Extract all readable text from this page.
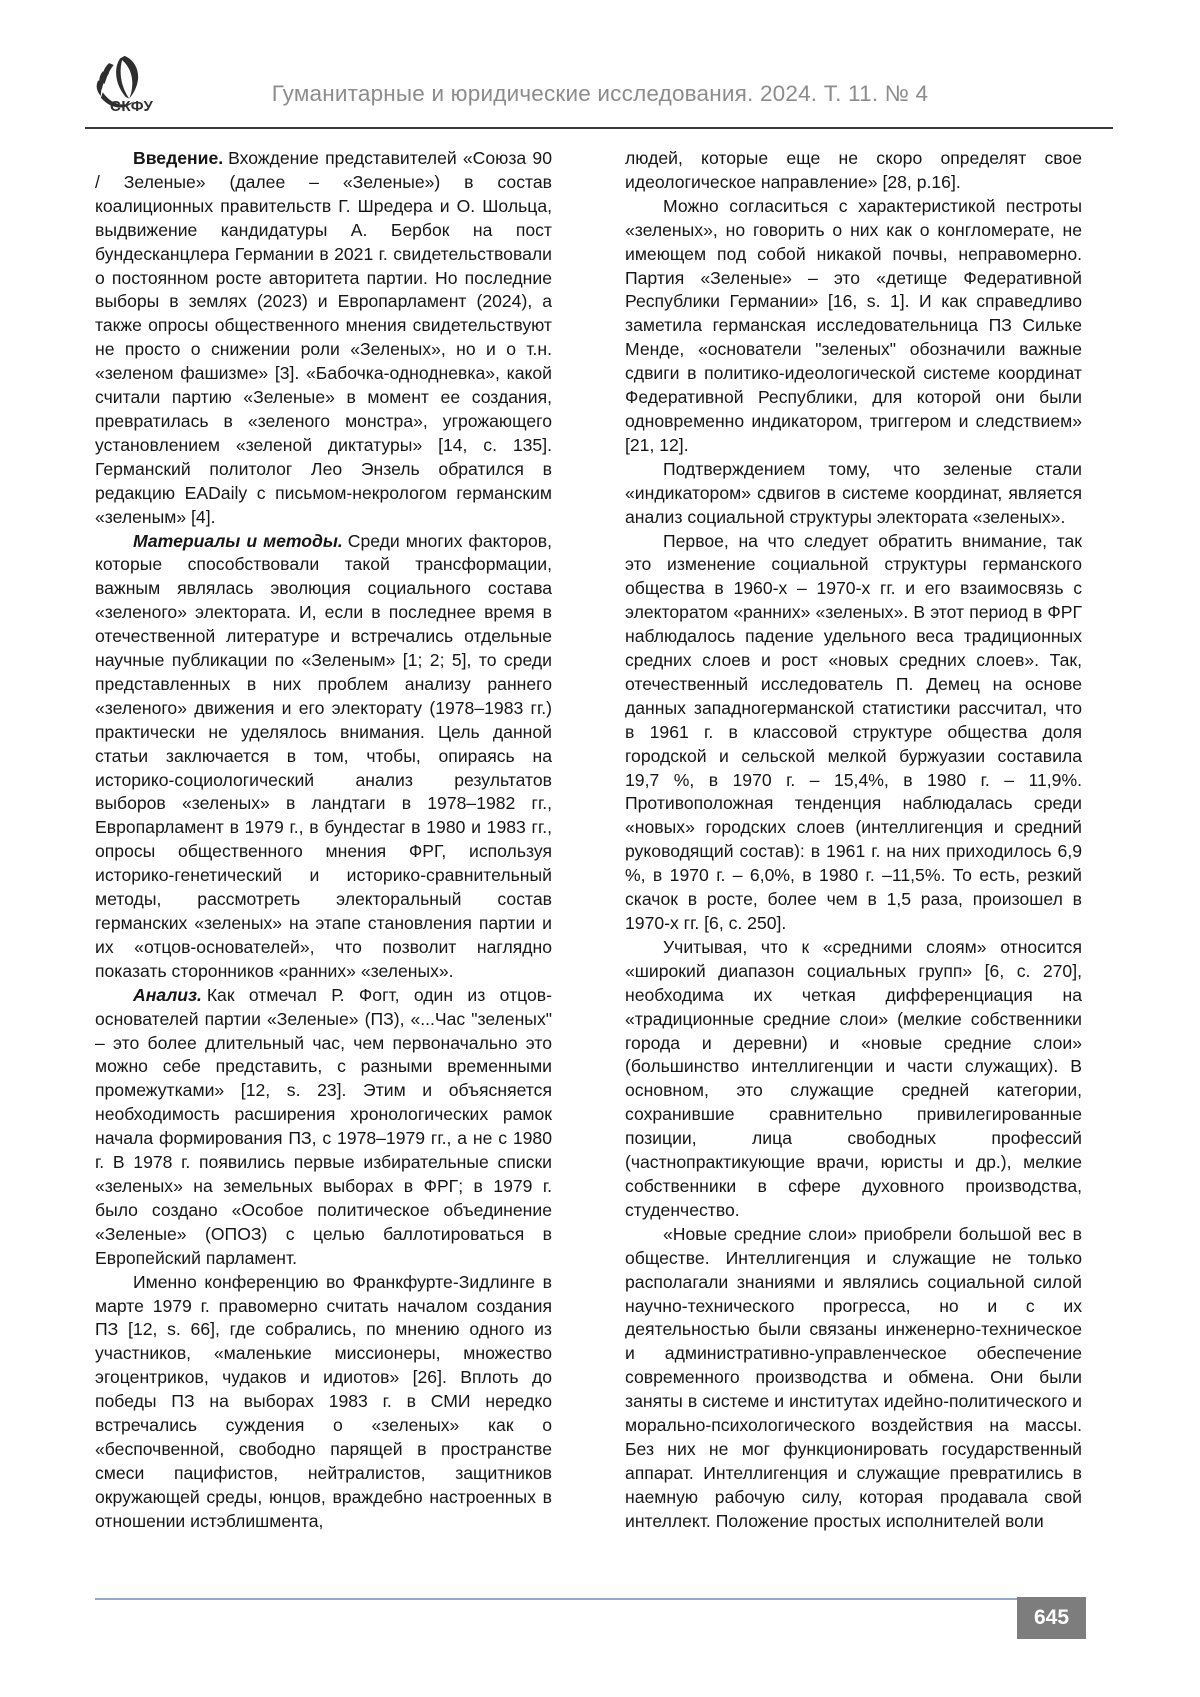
СКФУ
Гуманитарные и юридические исследования. 2024. Т. 11. № 4

Введение. Вхождение представителей «Союза 90 / Зеленые» (далее – «Зеленые») в состав коалиционных правительств Г. Шредера и О. Шольца, выдвижение кандидатуры А. Бербок на пост бундесканцлера Германии в 2021 г. свидетельствовали о постоянном росте авторитета партии. Но последние выборы в землях (2023) и Европарламент (2024), а также опросы общественного мнения свидетельствуют не просто о снижении роли «Зеленых», но и о т.н. «зеленом фашизме» [3]. «Бабочка-однодневка», какой считали партию «Зеленые» в момент ее создания, превратилась в «зеленого монстра», угрожающего установлением «зеленой диктатуры» [14, с. 135]. Германский политолог Лео Энзель обратился в редакцию EADaily с письмом-некрологом германским «зеленым» [4].

Материалы и методы. Среди многих факторов, которые способствовали такой трансформации, важным являлась эволюция социального состава «зеленого» электората. И, если в последнее время в отечественной литературе и встречались отдельные научные публикации по «Зеленым» [1; 2; 5], то среди представленных в них проблем анализу раннего «зеленого» движения и его электорату (1978–1983 гг.) практически не уделялось внимания. Цель данной статьи заключается в том, чтобы, опираясь на историко-социологический анализ результатов выборов «зеленых» в ландтаги в 1978–1982 гг., Европарламент в 1979 г., в бундестаг в 1980 и 1983 гг., опросы общественного мнения ФРГ, используя историко-генетический и историко-сравнительный методы, рассмотреть электоральный состав германских «зеленых» на этапе становления партии и их «отцов-основателей», что позволит наглядно показать сторонников «ранних» «зеленых».

Анализ. Как отмечал Р. Фогт, один из отцов-основателей партии «Зеленые» (ПЗ), «...Час "зеленых" – это более длительный час, чем первоначально это можно себе представить, с разными временными промежутками» [12, s. 23]. Этим и объясняется необходимость расширения хронологических рамок начала формирования ПЗ, с 1978–1979 гг., а не с 1980 г. В 1978 г. появились первые избирательные списки «зеленых» на земельных выборах в ФРГ; в 1979 г. было создано «Особое политическое объединение «Зеленые» (ОПОЗ) с целью баллотироваться в Европейский парламент.

Именно конференцию во Франкфурте-Зидлинге в марте 1979 г. правомерно считать началом создания ПЗ [12, s. 66], где собрались, по мнению одного из участников, «маленькие миссионеры, множество эгоцентриков, чудаков и идиотов» [26]. Вплоть до победы ПЗ на выборах 1983 г. в СМИ нередко встречались суждения о «зеленых» как о «беспочвенной, свободно парящей в пространстве смеси пацифистов, нейтралистов, защитников окружающей среды, юнцов, враждебно настроенных в отношении истэблишмента,

людей, которые еще не скоро определят свое идеологическое направление» [28, p.16].

Можно согласиться с характеристикой пестроты «зеленых», но говорить о них как о конгломерате, не имеющем под собой никакой почвы, неправомерно. Партия «Зеленые» – это «детище Федеративной Республики Германии» [16, s. 1]. И как справедливо заметила германская исследовательница ПЗ Сильке Менде, «основатели "зеленых" обозначили важные сдвиги в политико-идеологической системе координат Федеративной Республики, для которой они были одновременно индикатором, триггером и следствием» [21, 12].

Подтверждением тому, что зеленые стали «индикатором» сдвигов в системе координат, является анализ социальной структуры электората «зеленых».

Первое, на что следует обратить внимание, так это изменение социальной структуры германского общества в 1960-х – 1970-х гг. и его взаимосвязь с электоратом «ранних» «зеленых». В этот период в ФРГ наблюдалось падение удельного веса традиционных средних слоев и рост «новых средних слоев». Так, отечественный исследователь П. Демец на основе данных западногерманской статистики рассчитал, что в 1961 г. в классовой структуре общества доля городской и сельской мелкой буржуазии составила 19,7 %, в 1970 г. – 15,4%, в 1980 г. – 11,9%. Противоположная тенденция наблюдалась среди «новых» городских слоев (интеллигенция и средний руководящий состав): в 1961 г. на них приходилось 6,9 %, в 1970 г. – 6,0%, в 1980 г. –11,5%. То есть, резкий скачок в росте, более чем в 1,5 раза, произошел в 1970-х гг. [6, с. 250].

Учитывая, что к «средними слоям» относится «широкий диапазон социальных групп» [6, с. 270], необходима их четкая дифференциация на «традиционные средние слои» (мелкие собственники города и деревни) и «новые средние слои» (большинство интеллигенции и части служащих). В основном, это служащие средней категории, сохранившие сравнительно привилегированные позиции, лица свободных профессий (частнопрактикующие врачи, юристы и др.), мелкие собственники в сфере духовного производства, студенчество.

«Новые средние слои» приобрели большой вес в обществе. Интеллигенция и служащие не только располагали знаниями и являлись социальной силой научно-технического прогресса, но и с их деятельностью были связаны инженерно-техническое и административно-управленческое обеспечение современного производства и обмена. Они были заняты в системе и институтах идейно-политического и морально-психологического воздействия на массы. Без них не мог функционировать государственный аппарат. Интеллигенция и служащие превратились в наемную рабочую силу, которая продавала свой интеллект. Положение простых исполнителей воли

645
